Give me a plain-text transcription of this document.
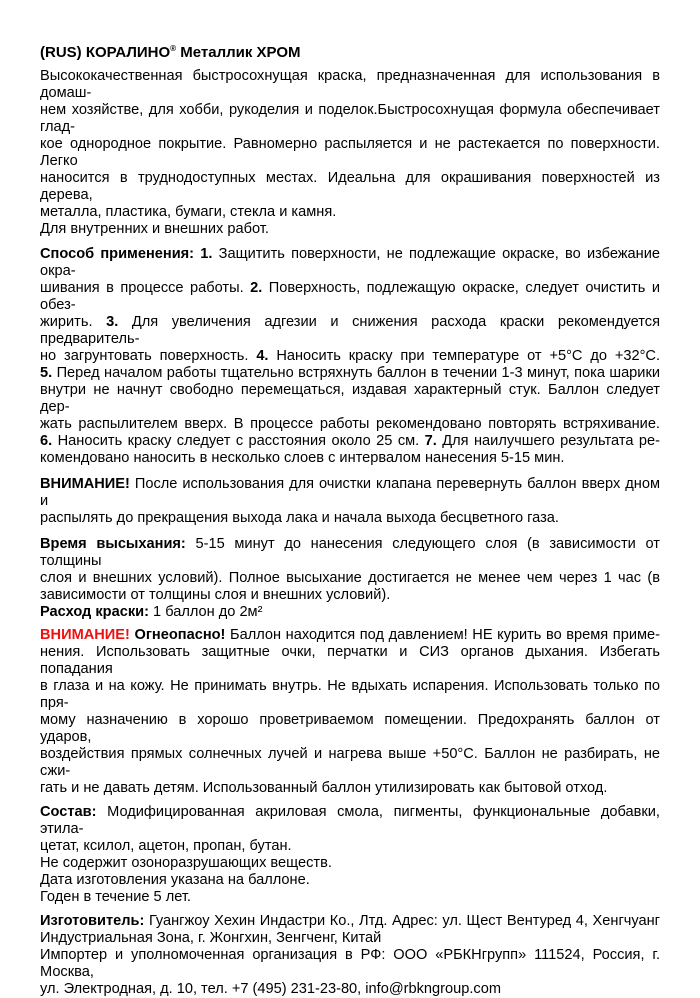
(RUS) КОРАЛИНО® Металлик ХРОМ
Высококачественная быстросохнущая краска, предназначенная для использования в домаш-
нем хозяйстве, для хобби, рукоделия и поделок.Быстросохнущая формула обеспечивает глад-
кое однородное покрытие. Равномерно распыляется и не растекается по поверхности. Легко
наносится в труднодоступных местах. Идеальна для окрашивания поверхностей из дерева,
металла, пластика, бумаги, стекла и камня.
Для внутренних и внешних работ.
Способ применения: 1. Защитить поверхности, не подлежащие окраске, во избежание окра-
шивания в процессе работы. 2. Поверхность, подлежащую окраске, следует очистить и обез-
жирить. 3. Для увеличения адгезии и снижения расхода краски рекомендуется предваритель-
но загрунтовать поверхность. 4. Наносить краску при температуре от +5°С до +32°С.
5. Перед началом работы тщательно встряхнуть баллон в течении 1-3 минут, пока шарики
внутри не начнут свободно перемещаться, издавая характерный стук. Баллон следует дер-
жать распылителем вверх. В процессе работы рекомендовано повторять встряхивание.
6. Наносить краску следует с расстояния около 25 см. 7. Для наилучшего результата ре-
комендовано наносить в несколько слоев с интервалом нанесения 5-15 мин.
ВНИМАНИЕ! После использования для очистки клапана перевернуть баллон вверх дном и
распылять до прекращения выхода лака и начала выхода бесцветного газа.
Время высыхания: 5-15 минут до нанесения следующего слоя (в зависимости от толщины
слоя и внешних условий). Полное высыхание достигается не менее чем через 1 час (в
зависимости от толщины слоя и внешних условий).
Расход краски: 1 баллон до 2м²
ВНИМАНИЕ! Огнеопасно! Баллон находится под давлением! НЕ курить во время приме-
нения. Использовать защитные очки, перчатки и СИЗ органов дыхания. Избегать попадания
в глаза и на кожу. Не принимать внутрь. Не вдыхать испарения. Использовать только по пря-
мому назначению в хорошо проветриваемом помещении. Предохранять баллон от ударов,
воздействия прямых солнечных лучей и нагрева выше +50°С. Баллон не разбирать, не сжи-
гать и не давать детям. Использованный баллон утилизировать как бытовой отход.
Состав: Модифицированная акриловая смола, пигменты, функциональные добавки, этила-
цетат, ксилол, ацетон, пропан, бутан.
Не содержит озоноразрушающих веществ.
Дата изготовления указана на баллоне.
Годен в течение 5 лет.
Изготовитель: Гуангжоу Хехин Индастри Ко., Лтд. Адрес: ул. Щест Вентуред 4, Хенгчуанг
Индустриальная Зона, г. Жонгхин, Зенгченг, Китай
Импортер и уполномоченная организация в РФ: ООО «РБКНгрупп» 111524, Россия, г. Москва,
ул. Электродная, д. 10, тел. +7 (495) 231-23-80, info@rbkngroup.com
